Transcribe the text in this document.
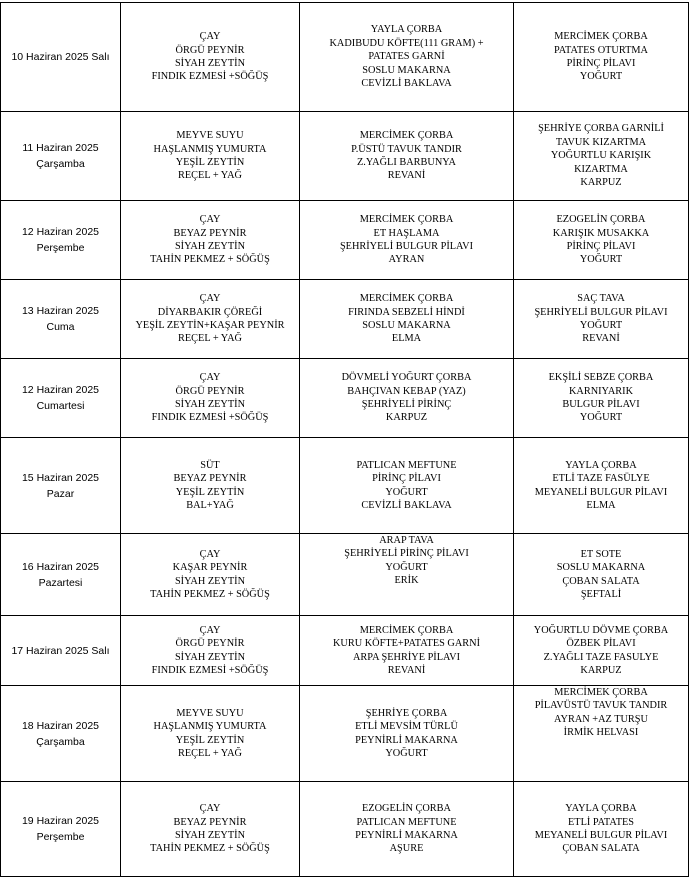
10 Haziran 2025 Salı	ÇAY
ÖRGÜ PEYNİR
SİYAH ZEYTİN
FINDIK EZMESİ +SÖĞÜŞ	YAYLA ÇORBA
KADIBUDU KÖFTE(111 GRAM) +
PATATES GARNİ
SOSLU MAKARNA
CEVİZLİ BAKLAVA	MERCİMEK ÇORBA
PATATES OTURTMA
PİRİNÇ PİLAVI
YOĞURT

11 Haziran 2025
Çarşamba	MEYVE SUYU
HAŞLANMIŞ YUMURTA
YEŞİL ZEYTİN
REÇEL + YAĞ	MERCİMEK ÇORBA
P.ÜSTÜ TAVUK TANDIR
Z.YAĞLI BARBUNYA
REVANİ	ŞEHRİYE ÇORBA GARNİLİ
TAVUK KIZARTMA
YOĞURTLU KARIŞIK
KIZARTMA
KARPUZ

12 Haziran 2025
Perşembe	ÇAY
BEYAZ PEYNİR
SİYAH ZEYTİN
TAHİN PEKMEZ + SÖĞÜŞ	MERCİMEK ÇORBA
ET HAŞLAMA
ŞEHRİYELİ BULGUR PİLAVI
AYRAN	EZOGELİN ÇORBA
KARIŞIK MUSAKKA
PİRİNÇ PİLAVI
YOĞURT

13 Haziran 2025
Cuma	ÇAY
DİYARBAKIR ÇÖREĞİ
YEŞİL ZEYTİN+KAŞAR PEYNİR
REÇEL + YAĞ	MERCİMEK ÇORBA
FIRINDA SEBZELİ HİNDİ
SOSLU MAKARNA
ELMA	SAÇ TAVA
ŞEHRİYELİ BULGUR PİLAVI
YOĞURT
REVANİ

12 Haziran 2025
Cumartesi	ÇAY
ÖRGÜ PEYNİR
SİYAH ZEYTİN
FINDIK EZMESİ +SÖĞÜŞ	DÖVMELİ YOĞURT ÇORBA
BAHÇIVAN KEBAP (YAZ)
ŞEHRİYELİ PİRİNÇ
KARPUZ	EKŞİLİ SEBZE ÇORBA
KARNIYARIK
BULGUR PİLAVI
YOĞURT

15 Haziran 2025
Pazar	SÜT
BEYAZ PEYNİR
YEŞİL ZEYTİN
BAL+YAĞ	PATLICAN MEFTUNE
PİRİNÇ PİLAVI
YOĞURT
CEVİZLİ BAKLAVA	YAYLA ÇORBA
ETLİ TAZE FASÜLYE
MEYANELİ BULGUR PİLAVI
ELMA

16 Haziran 2025
Pazartesi	ÇAY
KAŞAR PEYNİR
SİYAH ZEYTİN
TAHİN PEKMEZ + SÖĞÜŞ	ARAP TAVA
ŞEHRİYELİ PİRİNÇ PİLAVI
YOĞURT
ERİK	ET SOTE
SOSLU MAKARNA
ÇOBAN SALATA
ŞEFTALİ

17 Haziran 2025 Salı	ÇAY
ÖRGÜ PEYNİR
SİYAH ZEYTİN
FINDIK EZMESİ +SÖĞÜŞ	MERCİMEK ÇORBA
KURU KÖFTE+PATATES GARNİ
ARPA ŞEHRİYE PİLAVI
REVANİ	YOĞURTLU DÖVME ÇORBA
ÖZBEK PİLAVI
Z.YAĞLI TAZE FASULYE
KARPUZ

18 Haziran 2025
Çarşamba	MEYVE SUYU
HAŞLANMIŞ YUMURTA
YEŞİL ZEYTİN
REÇEL + YAĞ	ŞEHRİYE ÇORBA
ETLİ MEVSİM TÜRLÜ
PEYNİRLİ MAKARNA
YOĞURT	MERCİMEK ÇORBA
PİLAVÜSTÜ TAVUK TANDIR
AYRAN +AZ TURŞU
İRMİK HELVASI

19 Haziran 2025
Perşembe	ÇAY
BEYAZ PEYNİR
SİYAH ZEYTİN
TAHİN PEKMEZ + SÖĞÜŞ	EZOGELİN ÇORBA
PATLICAN MEFTUNE
PEYNİRLİ MAKARNA
AŞURE	YAYLA ÇORBA
ETLİ PATATES
MEYANELİ BULGUR PİLAVI
ÇOBAN SALATA
